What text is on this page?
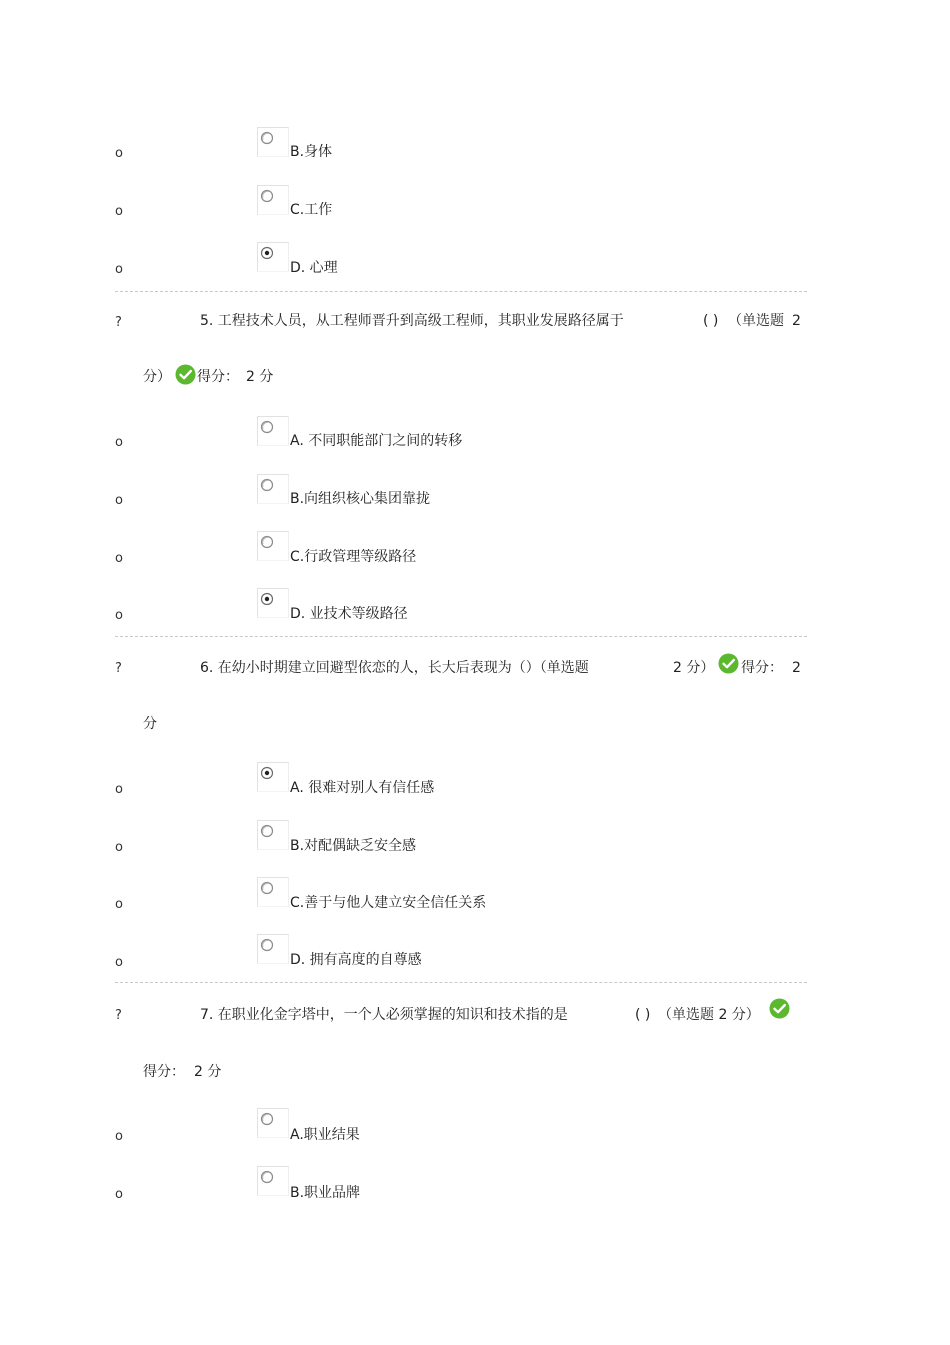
o	B.身体
o	C.工作
o	D. 心理
?	5. 工程技术人员，从工程师晋升到高级工程师，其职业发展路径属于	( ) （单选题 2
分） 得分： 2 分
o	A. 不同职能部门之间的转移
o	B.向组织核心集团靠拢
o	C.行政管理等级路径
o	D. 业技术等级路径
?	6. 在幼小时期建立回避型依恋的人，长大后表现为（）（单选题	2 分） 得分： 2
分
o	A. 很难对别人有信任感
o	B.对配偶缺乏安全感
o	C.善于与他人建立安全信任关系
o	D. 拥有高度的自尊感
?	7. 在职业化金字塔中，一个人必须掌握的知识和技术指的是	( ) （单选题 2 分）
得分： 2 分
o	A.职业结果
o	B.职业品牌
